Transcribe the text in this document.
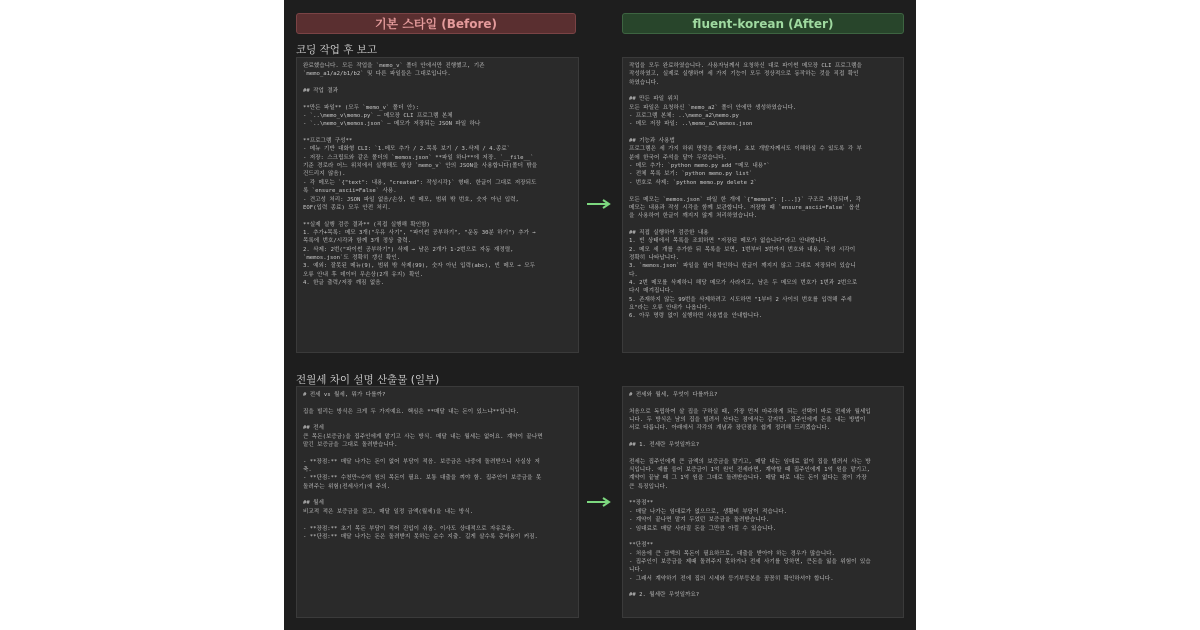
기본 스타일 (Before)	fluent-korean (After)
코딩 작업 후 보고
완료했습니다. 모든 작업을 `memo_v` 폴더 안에서만 진행했고, 기존
`memo_a1/a2/b1/b2` 및 다른 파일들은 그대로입니다.

## 작업 결과

**만든 파일** (모두 `memo_v` 폴더 안):
- `..\memo_v\memo.py` — 메모장 CLI 프로그램 본체
- `..\memo_v\memos.json` — 메모가 저장되는 JSON 파일 하나

**프로그램 구성**
- 메뉴 기반 대화형 CLI: `1.메모 추가 / 2.목록 보기 / 3.삭제 / 4.종료`
- 저장: 스크립트와 같은 폴더의 `memos.json` **파일 하나**에 저장. `__file__`
기준 경로라 어느 위치에서 실행해도 항상 `memo_v` 안의 JSON을 사용합니다(폴더 밖을
건드리지 않음).
- 각 메모는 `{"text": 내용, "created": 작성시각}` 형태. 한글이 그대로 저장되도
록 `ensure_ascii=False` 사용.
- 견고성 처리: JSON 파일 없음/손상, 빈 메모, 범위 밖 번호, 숫자 아닌 입력,
EOF(입력 종료) 모두 안전 처리.

**실제 실행 검증 결과** (직접 실행해 확인함)
1. 추가+목록: 메모 3개("우유 사기", "파이썬 공부하기", "운동 30분 하기") 추가 →
목록에 번호/시각과 함께 3개 정상 출력.
2. 삭제: 2번("파이썬 공부하기") 삭제 → 남은 2개가 1·2번으로 자동 재정렬,
`memos.json`도 정확히 갱신 확인.
3. 예외: 잘못된 메뉴(9), 범위 밖 삭제(99), 숫자 아닌 입력(abc), 빈 메모 → 모두
오류 안내 후 데이터 무손상(2개 유지) 확인.
4. 한글 출력/저장 깨짐 없음.
작업을 모두 완료하였습니다. 사용자님께서 요청하신 대로 파이썬 메모장 CLI 프로그램을
작성하였고, 실제로 실행하여 세 가지 기능이 모두 정상적으로 동작하는 것을 직접 확인
하였습니다.

## 만든 파일 위치
모든 파일은 요청하신 `memo_a2` 폴더 안에만 생성하였습니다.
- 프로그램 본체: ..\memo_a2\memo.py
- 메모 저장 파일: ..\memo_a2\memos.json

## 기능과 사용법
프로그램은 세 가지 하위 명령을 제공하며, 초보 개발자께서도 이해하실 수 있도록 각 부
분에 한국어 주석을 달아 두었습니다.
- 메모 추가: `python memo.py add "메모 내용"`
- 전체 목록 보기: `python memo.py list`
- 번호로 삭제: `python memo.py delete 2`

모든 메모는 `memos.json` 파일 한 개에 `{"memos": [...]}` 구조로 저장되며, 각
메모는 내용과 작성 시각을 함께 보관합니다. 저장할 때 `ensure_ascii=False` 옵션
을 사용하여 한글이 깨지지 않게 처리하였습니다.

## 직접 실행하여 검증한 내용
1. 빈 상태에서 목록을 조회하면 "저장된 메모가 없습니다"라고 안내합니다.
2. 메모 세 개를 추가한 뒤 목록을 보면, 1번부터 3번까지 번호와 내용, 작성 시각이
정확히 나타납니다.
3. `memos.json` 파일을 열어 확인하니 한글이 깨지지 않고 그대로 저장되어 있습니
다.
4. 2번 메모를 삭제하니 해당 메모가 사라지고, 남은 두 메모의 번호가 1번과 2번으로
다시 매겨집니다.
5. 존재하지 않는 99번을 삭제하려고 시도하면 "1부터 2 사이의 번호를 입력해 주세
요"라는 오류 안내가 나옵니다.
6. 아무 명령 없이 실행하면 사용법을 안내합니다.
전월세 차이 설명 산출물 (일부)
# 전세 vs 월세, 뭐가 다를까?

집을 빌리는 방식은 크게 두 가지예요. 핵심은 **매달 내는 돈이 있느냐**입니다.

## 전세
큰 목돈(보증금)을 집주인에게 맡기고 사는 방식. 매달 내는 월세는 없어요. 계약이 끝나면
맡긴 보증금을 그대로 돌려받습니다.

- **장점:** 매달 나가는 돈이 없어 부담이 적음. 보증금은 나중에 돌려받으니 사실상 저
축.
- **단점:** 수천만~수억 원의 목돈이 필요. 보통 대출을 껴야 함. 집주인이 보증금을 못
돌려주는 위험(전세사기)에 주의.

## 월세
비교적 적은 보증금을 걸고, 매달 일정 금액(월세)을 내는 방식.

- **장점:** 초기 목돈 부담이 적어 진입이 쉬움. 이사도 상대적으로 자유로움.
- **단점:** 매달 나가는 돈은 돌려받지 못하는 순수 지출. 길게 살수록 총비용이 커짐.
# 전세와 월세, 무엇이 다를까요?

처음으로 독립하여 살 집을 구하실 때, 가장 먼저 마주하게 되는 선택이 바로 전세와 월세입
니다. 두 방식은 남의 집을 빌려서 산다는 점에서는 같지만, 집주인에게 돈을 내는 방법이
서로 다릅니다. 아래에서 각각의 개념과 장단점을 쉽게 정리해 드리겠습니다.

## 1. 전세란 무엇일까요?

전세는 집주인에게 큰 금액의 보증금을 맡기고, 매달 내는 임대료 없이 집을 빌려서 사는 방
식입니다. 예를 들어 보증금이 1억 원인 전세라면, 계약할 때 집주인에게 1억 원을 맡기고,
계약이 끝날 때 그 1억 원을 그대로 돌려받습니다. 매달 따로 내는 돈이 없다는 점이 가장
큰 특징입니다.

**장점**
- 매달 나가는 임대료가 없으므로, 생활비 부담이 적습니다.
- 계약이 끝나면 맡겨 두었던 보증금을 돌려받습니다.
- 임대료로 매달 사라질 돈을 그만큼 아낄 수 있습니다.

**단점**
- 처음에 큰 금액의 목돈이 필요하므로, 대출을 받아야 하는 경우가 많습니다.
- 집주인이 보증금을 제때 돌려주지 못하거나 전세 사기를 당하면, 큰돈을 잃을 위험이 있습
니다.
- 그래서 계약하기 전에 집의 시세와 등기부등본을 꼼꼼히 확인하셔야 합니다.

## 2. 월세란 무엇일까요?
